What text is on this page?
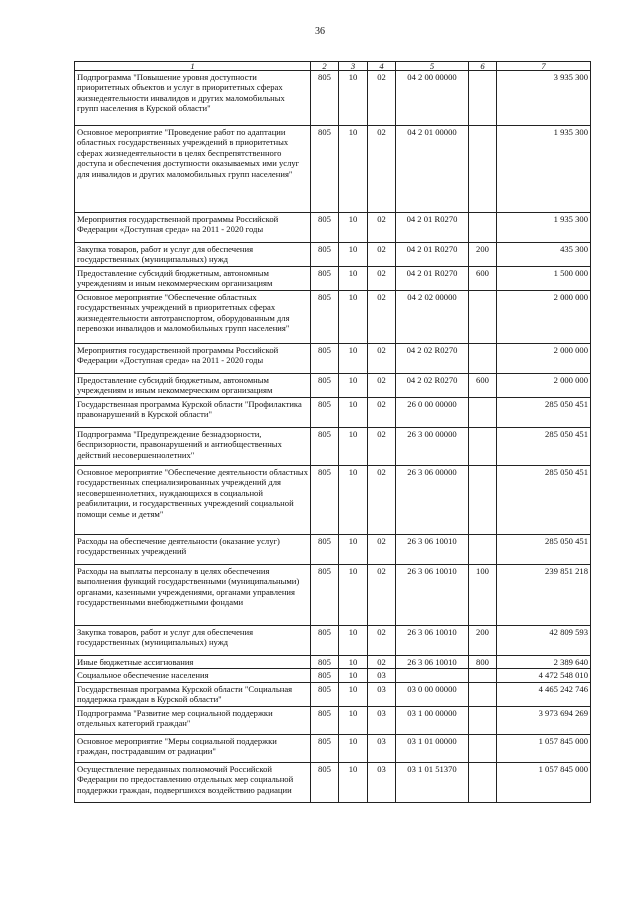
36
1	2	3	4	5	6	7
Подпрограмма "Повышение уровня доступности приоритетных объектов и услуг в приоритетных сферах жизнедеятельности инвалидов и других маломобильных групп населения в Курской области"	805	10	02	04 2 00 00000		3 935 300
Основное мероприятие "Проведение работ по адаптации областных государственных учреждений в приоритетных сферах жизнедеятельности в целях беспрепятственного доступа и обеспечения доступности оказываемых ими услуг для инвалидов и других маломобильных групп населения"	805	10	02	04 2 01 00000		1 935 300
Мероприятия государственной программы Российской Федерации «Доступная среда» на 2011 - 2020 годы	805	10	02	04 2 01 R0270		1 935 300
Закупка товаров, работ и услуг для обеспечения государственных (муниципальных) нужд	805	10	02	04 2 01 R0270	200	435 300
Предоставление субсидий бюджетным, автономным учреждениям и иным некоммерческим организациям	805	10	02	04 2 01 R0270	600	1 500 000
Основное мероприятие "Обеспечение областных государственных учреждений в приоритетных сферах жизнедеятельности автотранспортом, оборудованным для перевозки инвалидов и маломобильных групп населения"	805	10	02	04 2 02 00000		2 000 000
Мероприятия государственной программы Российской Федерации «Доступная среда» на 2011 - 2020 годы	805	10	02	04 2 02 R0270		2 000 000
Предоставление субсидий бюджетным, автономным учреждениям и иным некоммерческим организациям	805	10	02	04 2 02 R0270	600	2 000 000
Государственная программа Курской области "Профилактика правонарушений в Курской области"	805	10	02	26 0 00 00000		285 050 451
Подпрограмма "Предупреждение безнадзорности, беспризорности, правонарушений и антиобщественных действий несовершеннолетних"	805	10	02	26 3 00 00000		285 050 451
Основное мероприятие "Обеспечение деятельности областных государственных специализированных учреждений для несовершеннолетних, нуждающихся в социальной реабилитации, и государственных учреждений социальной помощи семье и детям"	805	10	02	26 3 06 00000		285 050 451
Расходы на обеспечение деятельности (оказание услуг) государственных учреждений	805	10	02	26 3 06 10010		285 050 451
Расходы на выплаты персоналу в целях обеспечения выполнения функций государственными (муниципальными) органами, казенными учреждениями, органами управления государственными внебюджетными фондами	805	10	02	26 3 06 10010	100	239 851 218
Закупка товаров, работ и услуг для обеспечения государственных (муниципальных) нужд	805	10	02	26 3 06 10010	200	42 809 593
Иные бюджетные ассигнования	805	10	02	26 3 06 10010	800	2 389 640
Социальное обеспечение населения	805	10	03			4 472 548 010
Государственная программа Курской области "Социальная поддержка граждан в Курской области"	805	10	03	03 0 00 00000		4 465 242 746
Подпрограмма "Развитие мер социальной поддержки отдельных категорий граждан"	805	10	03	03 1 00 00000		3 973 694 269
Основное мероприятие "Меры социальной поддержки граждан, пострадавшим от радиации"	805	10	03	03 1 01 00000		1 057 845 000
Осуществление переданных полномочий Российской Федерации по предоставлению отдельных мер социальной поддержки граждан, подвергшихся воздействию радиации	805	10	03	03 1 01 51370		1 057 845 000
